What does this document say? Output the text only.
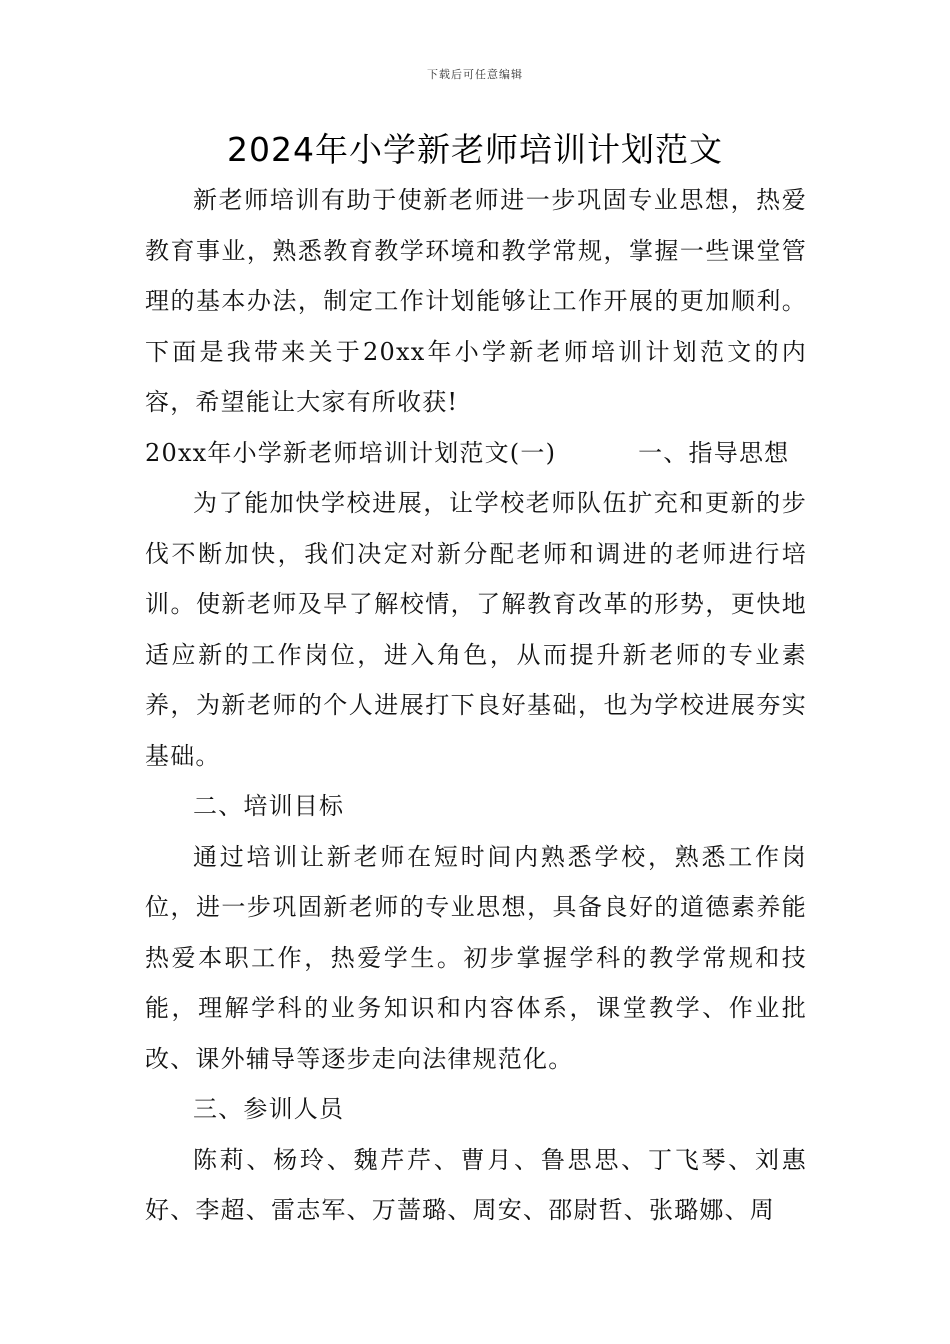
下载后可任意编辑
2024年小学新老师培训计划范文

新老师培训有助于使新老师进一步巩固专业思想，热爱教育事业，熟悉教育教学环境和教学常规，掌握一些课堂管理的基本办法，制定工作计划能够让工作开展的更加顺利。下面是我带来关于20xx年小学新老师培训计划范文的内容，希望能让大家有所收获!

20xx年小学新老师培训计划范文(一)	一、指导思想

为了能加快学校进展，让学校老师队伍扩充和更新的步伐不断加快，我们决定对新分配老师和调进的老师进行培训。使新老师及早了解校情，了解教育改革的形势，更快地适应新的工作岗位，进入角色，从而提升新老师的专业素养，为新老师的个人进展打下良好基础，也为学校进展夯实基础。

二、培训目标

通过培训让新老师在短时间内熟悉学校，熟悉工作岗位，进一步巩固新老师的专业思想，具备良好的道德素养能热爱本职工作，热爱学生。初步掌握学科的教学常规和技能，理解学科的业务知识和内容体系，课堂教学、作业批改、课外辅导等逐步走向法律规范化。

三、参训人员

陈莉、杨玲、魏芹芹、曹月、鲁思思、丁飞琴、刘惠好、李超、雷志军、万蔷璐、周安、邵尉哲、张璐娜、周
